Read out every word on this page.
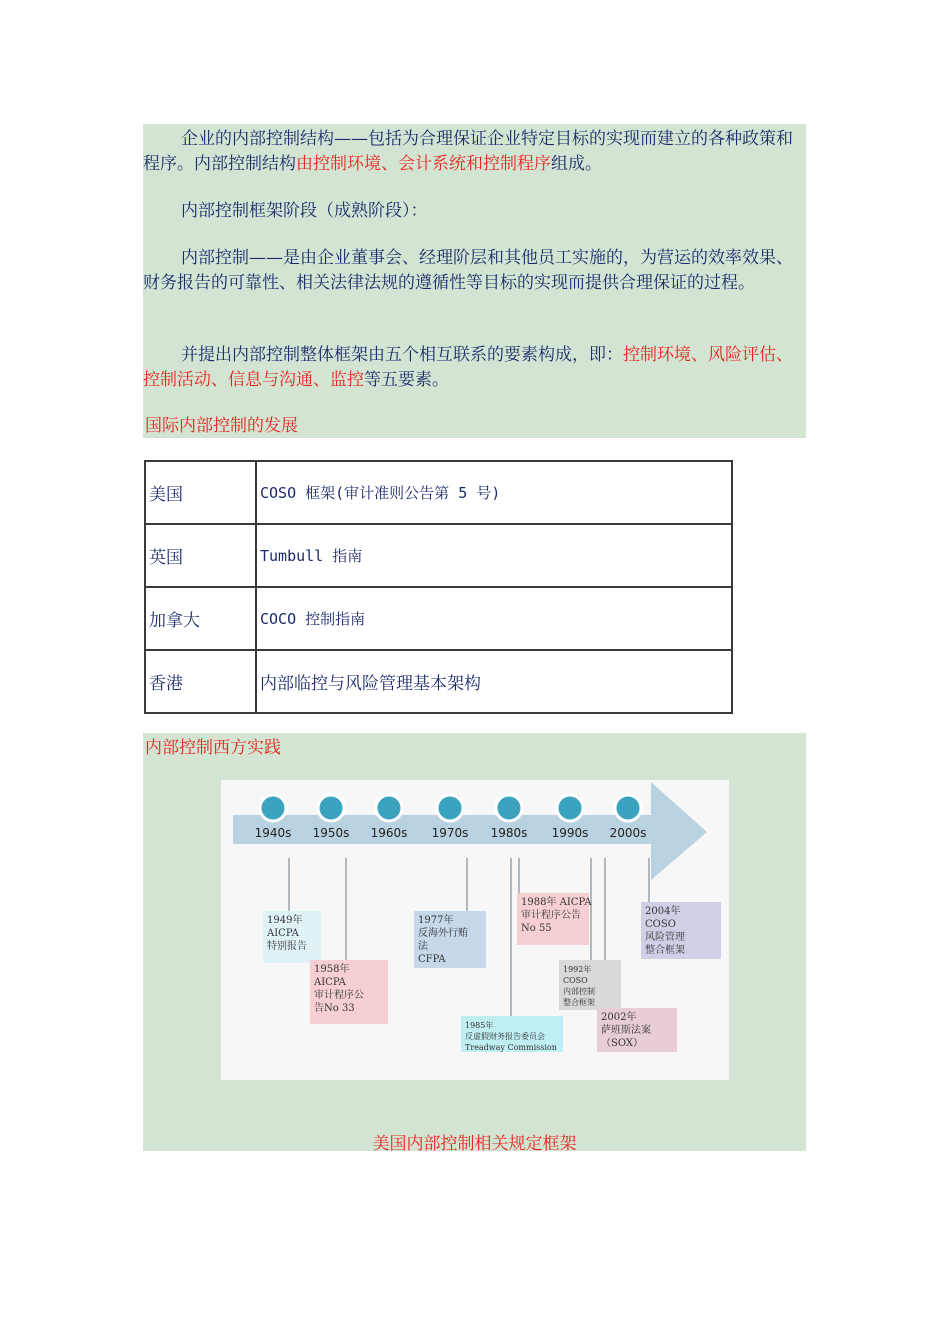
企业的内部控制结构——包括为合理保证企业特定目标的实现而建立的各种政策和程序。内部控制结构由控制环境、会计系统和控制程序组成。

内部控制框架阶段（成熟阶段）：

内部控制——是由企业董事会、经理阶层和其他员工实施的，为营运的效率效果、财务报告的可靠性、相关法律法规的遵循性等目标的实现而提供合理保证的过程。

并提出内部控制整体框架由五个相互联系的要素构成，即：控制环境、风险评估、控制活动、信息与沟通、监控等五要素。

国际内部控制的发展

美国	COSO 框架(审计准则公告第 5 号)
英国	Tumbull 指南
加拿大	COCO 控制指南
香港	内部临控与风险管理基本架构

内部控制西方实践

1940s 1950s 1960s 1970s 1980s 1990s 2000s
1949年
AICPA
特别报告
1958年
AICPA
审计程序公
告No 33
1977年
反海外行贿
法
CFPA
1985年
反虚假财务报告委员会
Treadway Commission
1988年 AICPA
审计程序公告
No 55
1992年
COSO
内部控制
整合框架
2002年
萨班斯法案
（SOX）
2004年
COSO
风险管理
整合框架
美国内部控制相关规定框架
